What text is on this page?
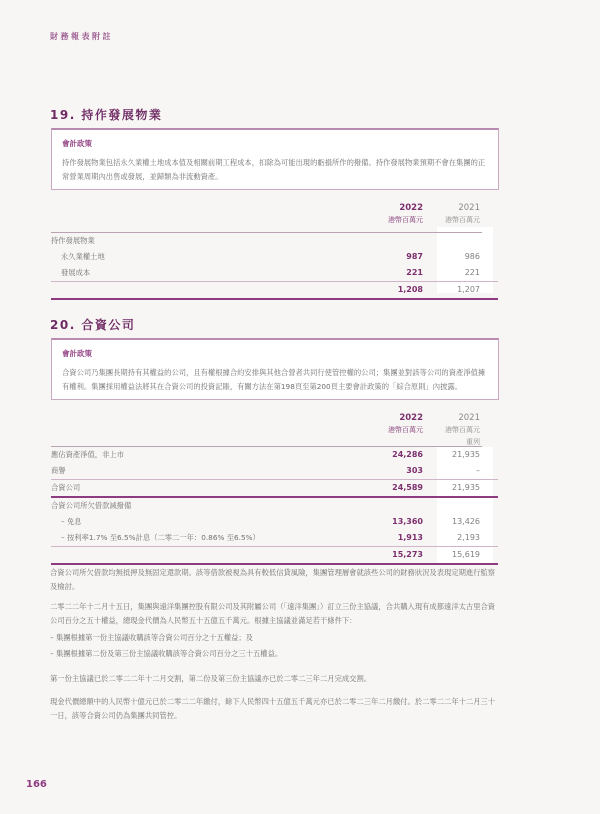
財務報表附註
19. 持作發展物業
會計政策
持作發展物業包括永久業權土地成本值及相關前期工程成本，扣除為可能出現的虧損所作的撥備。持作發展物業預期不會在集團的正常營業周期內出售或發展，並歸類為非流動資產。
2022
港幣百萬元
2021
港幣百萬元
持作發展物業
永久業權土地	987	986
發展成本	221	221
1,208	1,207
20. 合資公司
會計政策
合資公司乃集團長期持有其權益的公司，且有權根據合約安排與其他合營者共同行使管控權的公司；集團並對該等公司的資產淨值擁有權利。集團採用權益法將其在合資公司的投資記賬，有關方法在第198頁至第200頁主要會計政策的「綜合原則」內披露。
2022
港幣百萬元
2021
港幣百萬元
重列
應佔資產淨值，非上市	24,286	21,935
商譽	303	–
合資公司	24,589	21,935
合資公司所欠借款減撥備
– 免息	13,360	13,426
– 按利率1.7% 至6.5%計息（二零二一年：0.86% 至6.5%）	1,913	2,193
15,273	15,619
合資公司所欠借款均無抵押及無固定還款期。該等借款被視為具有較低信貸風險，集團管理層會就該些公司的財務狀況及表現定期進行監察及檢討。
二零二二年十二月十五日，集團與遠洋集團控股有限公司及其附屬公司（「遠洋集團」）訂立三份主協議，合共購入現有成都遠洋太古里合資公司百分之五十權益，總現金代價為人民幣五十五億五千萬元。根據主協議並滿足若干條件下：
– 集團根據第一份主協議收購該等合資公司百分之十五權益；及
– 集團根據第二份及第三份主協議收購該等合資公司百分之三十五權益。
第一份主協議已於二零二二年十二月交割，第二份及第三份主協議亦已於二零二三年二月完成交割。
現金代價總額中的人民幣十億元已於二零二二年繳付，餘下人民幣四十五億五千萬元亦已於二零二三年二月繳付。於二零二二年十二月三十一日，該等合資公司仍為集團共同管控。
166
